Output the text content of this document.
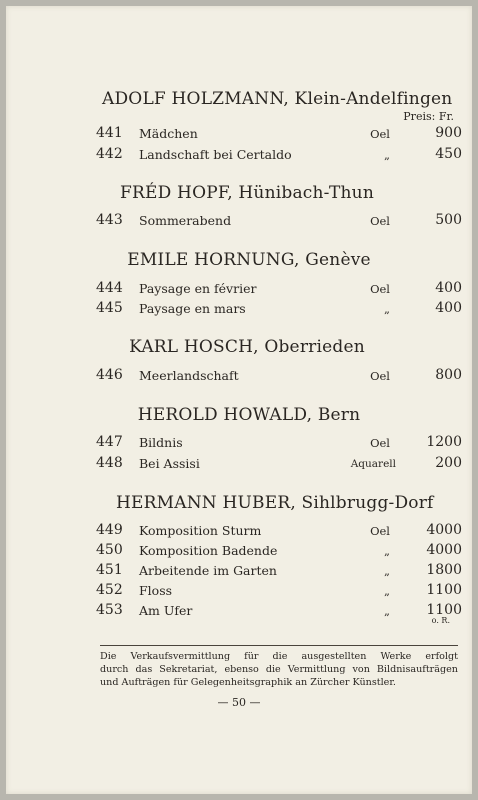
ADOLF HOLZMANN, Klein-Andelfingen
Preis: Fr.
441 Mädchen	Oel	900
442 Landschaft bei Certaldo	„	450
FRÉD HOPF, Hünibach-Thun
443 Sommerabend	Oel	500
EMILE HORNUNG, Genève
444 Paysage en février	Oel	400
445 Paysage en mars	„	400
KARL HOSCH, Oberrieden
446 Meerlandschaft	Oel	800
HEROLD HOWALD, Bern
447 Bildnis	Oel	1200
448 Bei Assisi	Aquarell	200
HERMANN HUBER, Sihlbrugg-Dorf
449 Komposition Sturm	Oel	4000
450 Komposition Badende	„	4000
451 Arbeitende im Garten	„	1800
452 Floss	„	1100
453 Am Ufer	„	1100
o. R.
Die Verkaufsvermittlung für die ausgestellten Werke erfolgt
durch das Sekretariat, ebenso die Vermittlung von Bildnisaufträgen
und Aufträgen für Gelegenheitsgraphik an Zürcher Künstler.
— 50 —
